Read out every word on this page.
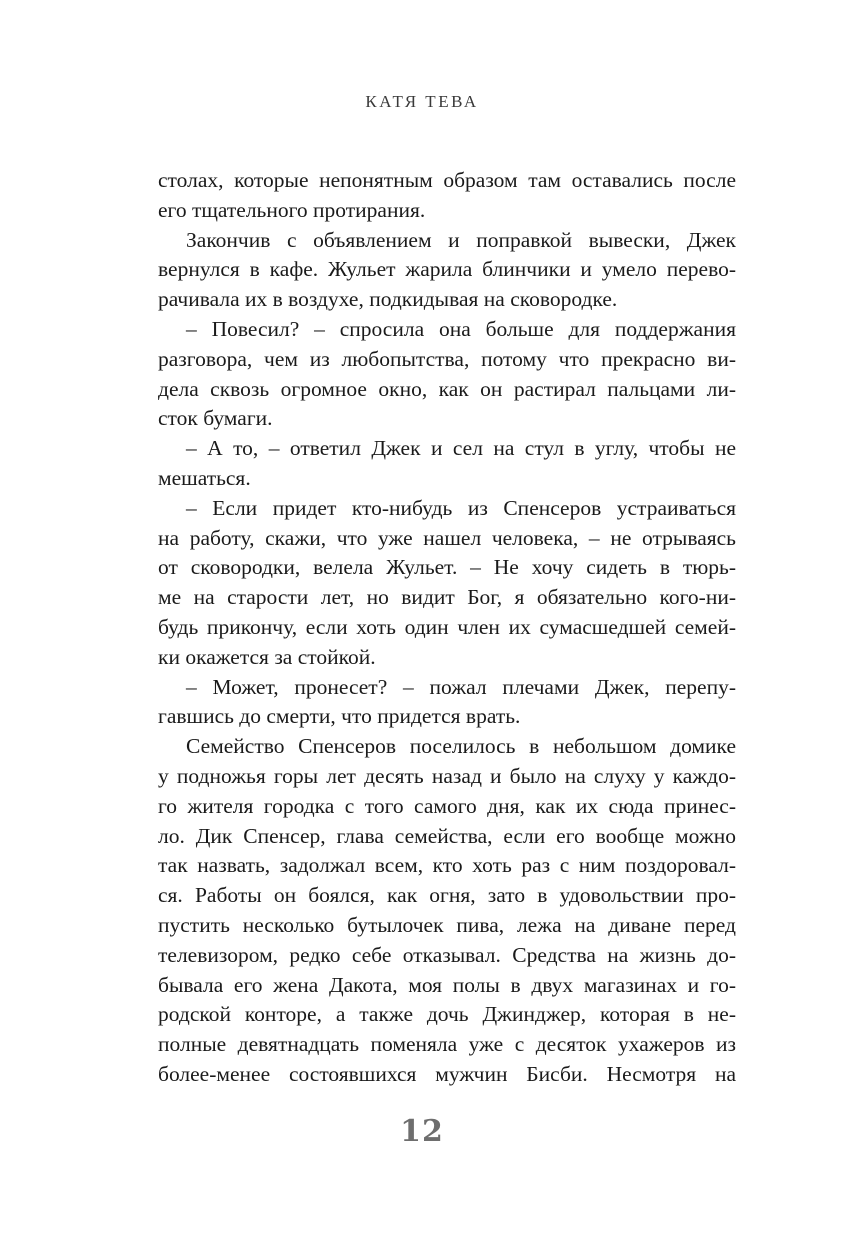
КАТЯ ТЕВА
столах, которые непонятным образом там оставались после
его тщательного протирания.
Закончив с объявлением и поправкой вывески, Джек
вернулся в кафе. Жульет жарила блинчики и умело перево-
рачивала их в воздухе, подкидывая на сковородке.
– Повесил? – спросила она больше для поддержания
разговора, чем из любопытства, потому что прекрасно ви-
дела сквозь огромное окно, как он растирал пальцами ли-
сток бумаги.
– А то, – ответил Джек и сел на стул в углу, чтобы не
мешаться.
– Если придет кто-нибудь из Спенсеров устраиваться
на работу, скажи, что уже нашел человека, – не отрываясь
от сковородки, велела Жульет. – Не хочу сидеть в тюрь-
ме на старости лет, но видит Бог, я обязательно кого-ни-
будь прикончу, если хоть один член их сумасшедшей семей-
ки окажется за стойкой.
– Может, пронесет? – пожал плечами Джек, перепу-
гавшись до смерти, что придется врать.
Семейство Спенсеров поселилось в небольшом домике
у подножья горы лет десять назад и было на слуху у каждо-
го жителя городка с того самого дня, как их сюда принес-
ло. Дик Спенсер, глава семейства, если его вообще можно
так назвать, задолжал всем, кто хоть раз с ним поздоровал-
ся. Работы он боялся, как огня, зато в удовольствии про-
пустить несколько бутылочек пива, лежа на диване перед
телевизором, редко себе отказывал. Средства на жизнь до-
бывала его жена Дакота, моя полы в двух магазинах и го-
родской конторе, а также дочь Джинджер, которая в не-
полные девятнадцать поменяла уже с десяток ухажеров из
более-менее состоявшихся мужчин Бисби. Несмотря на
12
